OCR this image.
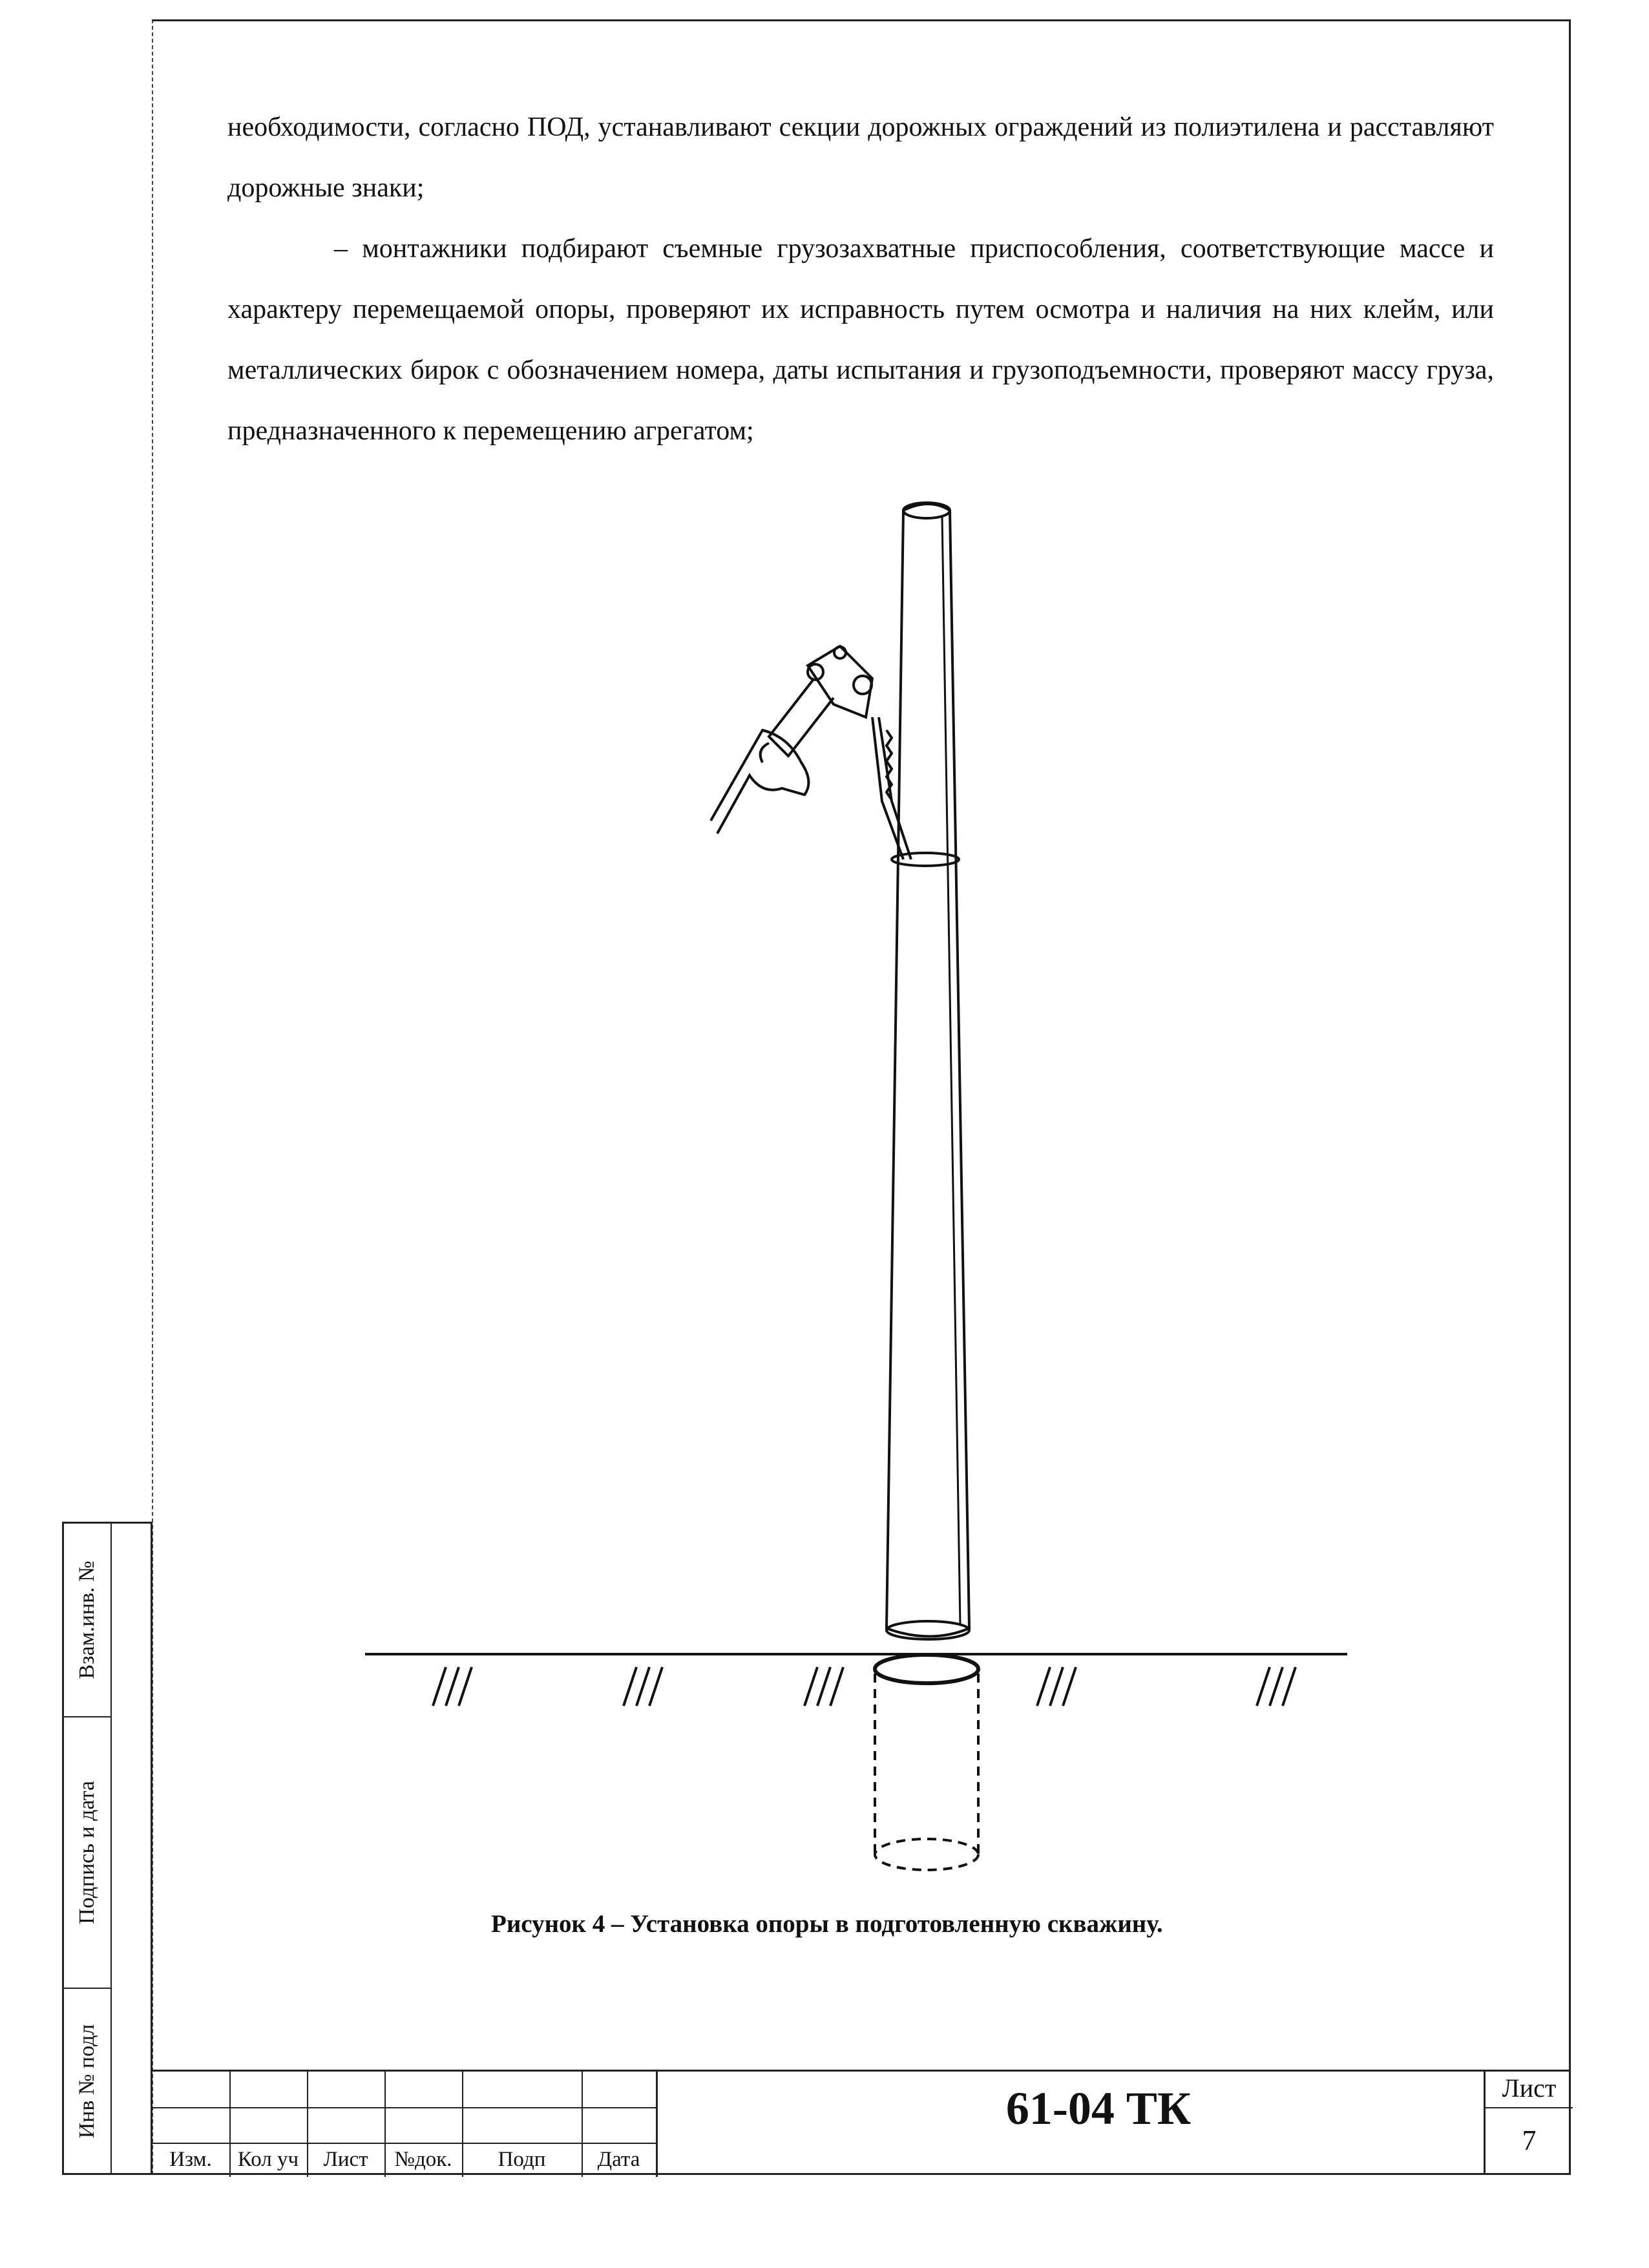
Взам.инв. №
Подпись и дата
Инв № подл

необходимости, согласно ПОД, устанавливают секции дорожных ограждений из полиэтилена и расставляют дорожные знаки;

– монтажники подбирают съемные грузозахватные приспособления, соответствующие массе и характеру перемещаемой опоры, проверяют их исправность путем осмотра и наличия на них клейм, или металлических бирок с обозначением номера, даты испытания и грузоподъемности, проверяют массу груза, предназначенного к перемещению агрегатом;

Рисунок 4 – Установка опоры в подготовленную скважину.
Изм.	Кол уч	Лист	№док.	Подп	Дата
61-04 ТК	Лист
7
